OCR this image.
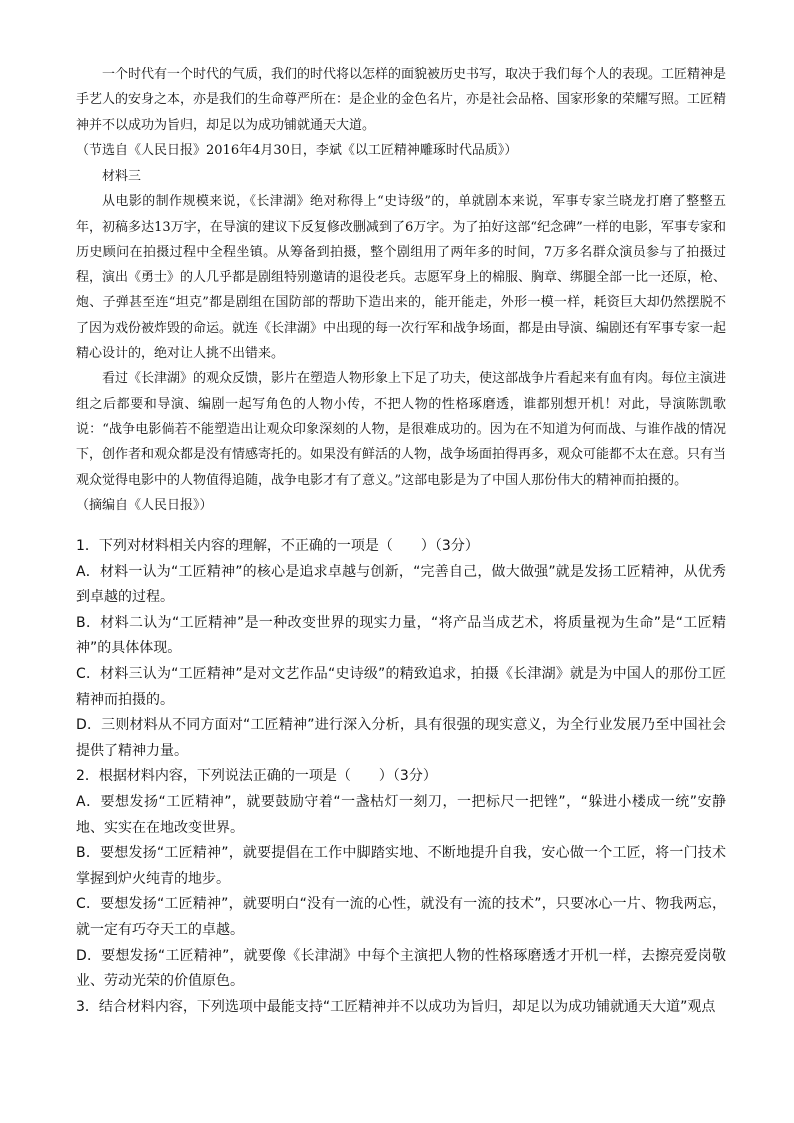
一个时代有一个时代的气质，我们的时代将以怎样的面貌被历史书写，取决于我们每个人的表现。工匠精神是手艺人的安身之本，亦是我们的生命尊严所在：是企业的金色名片，亦是社会品格、国家形象的荣耀写照。工匠精神并不以成功为旨归，却足以为成功铺就通天大道。

（节选自《人民日报》2016年4月30日，李斌《以工匠精神雕琢时代品质》）

材料三

从电影的制作规模来说，《长津湖》绝对称得上“史诗级”的，单就剧本来说，军事专家兰晓龙打磨了整整五年，初稿多达13万字，在导演的建议下反复修改删减到了6万字。为了拍好这部“纪念碑”一样的电影，军事专家和历史顾问在拍摄过程中全程坐镇。从筹备到拍摄，整个剧组用了两年多的时间，7万多名群众演员参与了拍摄过程，演出《勇士》的人几乎都是剧组特别邀请的退役老兵。志愿军身上的棉服、胸章、绑腿全部一比一还原，枪、炮、子弹甚至连“坦克”都是剧组在国防部的帮助下造出来的，能开能走，外形一模一样，耗资巨大却仍然摆脱不了因为戏份被炸毁的命运。就连《长津湖》中出现的每一次行军和战争场面，都是由导演、编剧还有军事专家一起精心设计的，绝对让人挑不出错来。

看过《长津湖》的观众反馈，影片在塑造人物形象上下足了功夫，使这部战争片看起来有血有肉。每位主演进组之后都要和导演、编剧一起写角色的人物小传，不把人物的性格琢磨透，谁都别想开机！对此，导演陈凯歌说：“战争电影倘若不能塑造出让观众印象深刻的人物，是很难成功的。因为在不知道为何而战、与谁作战的情况下，创作者和观众都是没有情感寄托的。如果没有鲜活的人物，战争场面拍得再多，观众可能都不太在意。只有当观众觉得电影中的人物值得追随，战争电影才有了意义。”这部电影是为了中国人那份伟大的精神而拍摄的。

（摘编自《人民日报》）

1．下列对材料相关内容的理解，不正确的一项是（　　）（3分）

A．材料一认为“工匠精神”的核心是追求卓越与创新，“完善自己，做大做强”就是发扬工匠精神，从优秀到卓越的过程。

B．材料二认为“工匠精神”是一种改变世界的现实力量，“将产品当成艺术，将质量视为生命”是“工匠精神”的具体体现。

C．材料三认为“工匠精神”是对文艺作品“史诗级”的精致追求，拍摄《长津湖》就是为中国人的那份工匠精神而拍摄的。

D．三则材料从不同方面对“工匠精神”进行深入分析，具有很强的现实意义，为全行业发展乃至中国社会提供了精神力量。

2．根据材料内容，下列说法正确的一项是（　　）（3分）

A．要想发扬“工匠精神”，就要鼓励守着“一盏枯灯一刻刀，一把标尺一把锉”，“躲进小楼成一统”安静地、实实在在地改变世界。

B．要想发扬“工匠精神”，就要提倡在工作中脚踏实地、不断地提升自我，安心做一个工匠，将一门技术掌握到炉火纯青的地步。

C．要想发扬“工匠精神”，就要明白“没有一流的心性，就没有一流的技术”，只要冰心一片、物我两忘，就一定有巧夺天工的卓越。

D．要想发扬“工匠精神”，就要像《长津湖》中每个主演把人物的性格琢磨透才开机一样，去擦亮爱岗敬业、劳动光荣的价值原色。

3．结合材料内容，下列选项中最能支持“工匠精神并不以成功为旨归，却足以为成功铺就通天大道”观点
